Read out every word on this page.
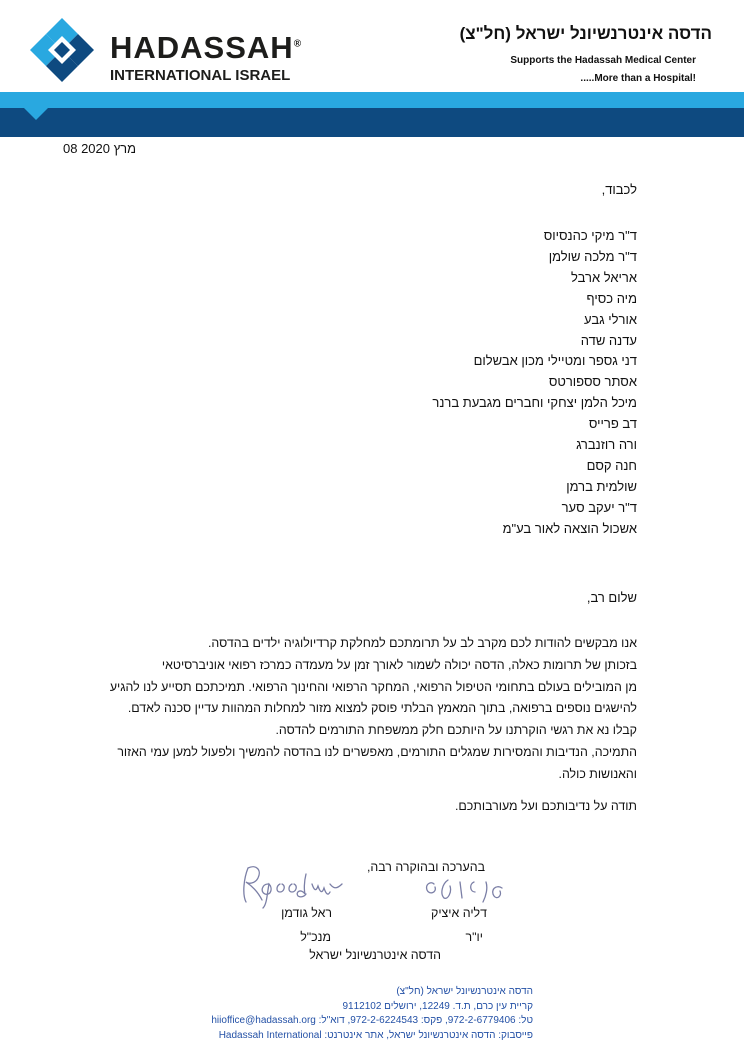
HADASSAH®
INTERNATIONAL ISRAEL
הדסה אינטרנשיונל ישראל (חל"צ)
Supports the Hadassah Medical Center
.....More than a Hospital!
08 מרץ 2020
לכבוד,
ד"ר מיקי כהנסיוס
ד"ר מלכה שולמן
אריאל ארבל
מיה כסיף
אורלי גבע
עדנה שדה
דני גספר ומטיילי מכון אבשלום
אסתר סספורטס
מיכל הלמן יצחקי וחברים מגבעת ברנר
דב פרייס
ורה רוזנברג
חנה קסם
שולמית ברמן
ד"ר יעקב סער
אשכול הוצאה לאור בע"מ
שלום רב,
אנו מבקשים להודות לכם מקרב לב על תרומתכם למחלקת קרדיולוגיה ילדים בהדסה.
בזכותן של תרומות כאלה, הדסה יכולה לשמור לאורך זמן על מעמדה כמרכז רפואי אוניברסיטאי
מן המובילים בעולם בתחומי הטיפול הרפואי, המחקר הרפואי והחינוך הרפואי. תמיכתכם תסייע לנו להגיע
להישגים נוספים ברפואה, בתוך המאמץ הבלתי פוסק למצוא מזור למחלות המהוות עדיין סכנה לאדם.
קבלו נא את רגשי הוקרתנו על היותכם חלק ממשפחת התורמים להדסה.
התמיכה, הנדיבות והמסירות שמגלים התורמים, מאפשרים לנו בהדסה להמשיך ולפעול למען עמי האזור
והאנושות כולה.
תודה על נדיבותכם ועל מעורבותכם.
בהערכה ובהוקרה רבה,
דליה איציק
יו"ר
ראל גודמן
מנכ"ל
הדסה אינטרנשיונל ישראל
הדסה אינטרנשיונל ישראל (חל"צ)
קריית עין כרם, ת.ד. 12249, ירושלים 9112102
טל: 972-2-6779406, פקס: 972-2-6224543, דוא"ל: hiioffice@hadassah.org
פייסבוק: הדסה אינטרנשיונל ישראל, אתר אינטרנט: Hadassah International
